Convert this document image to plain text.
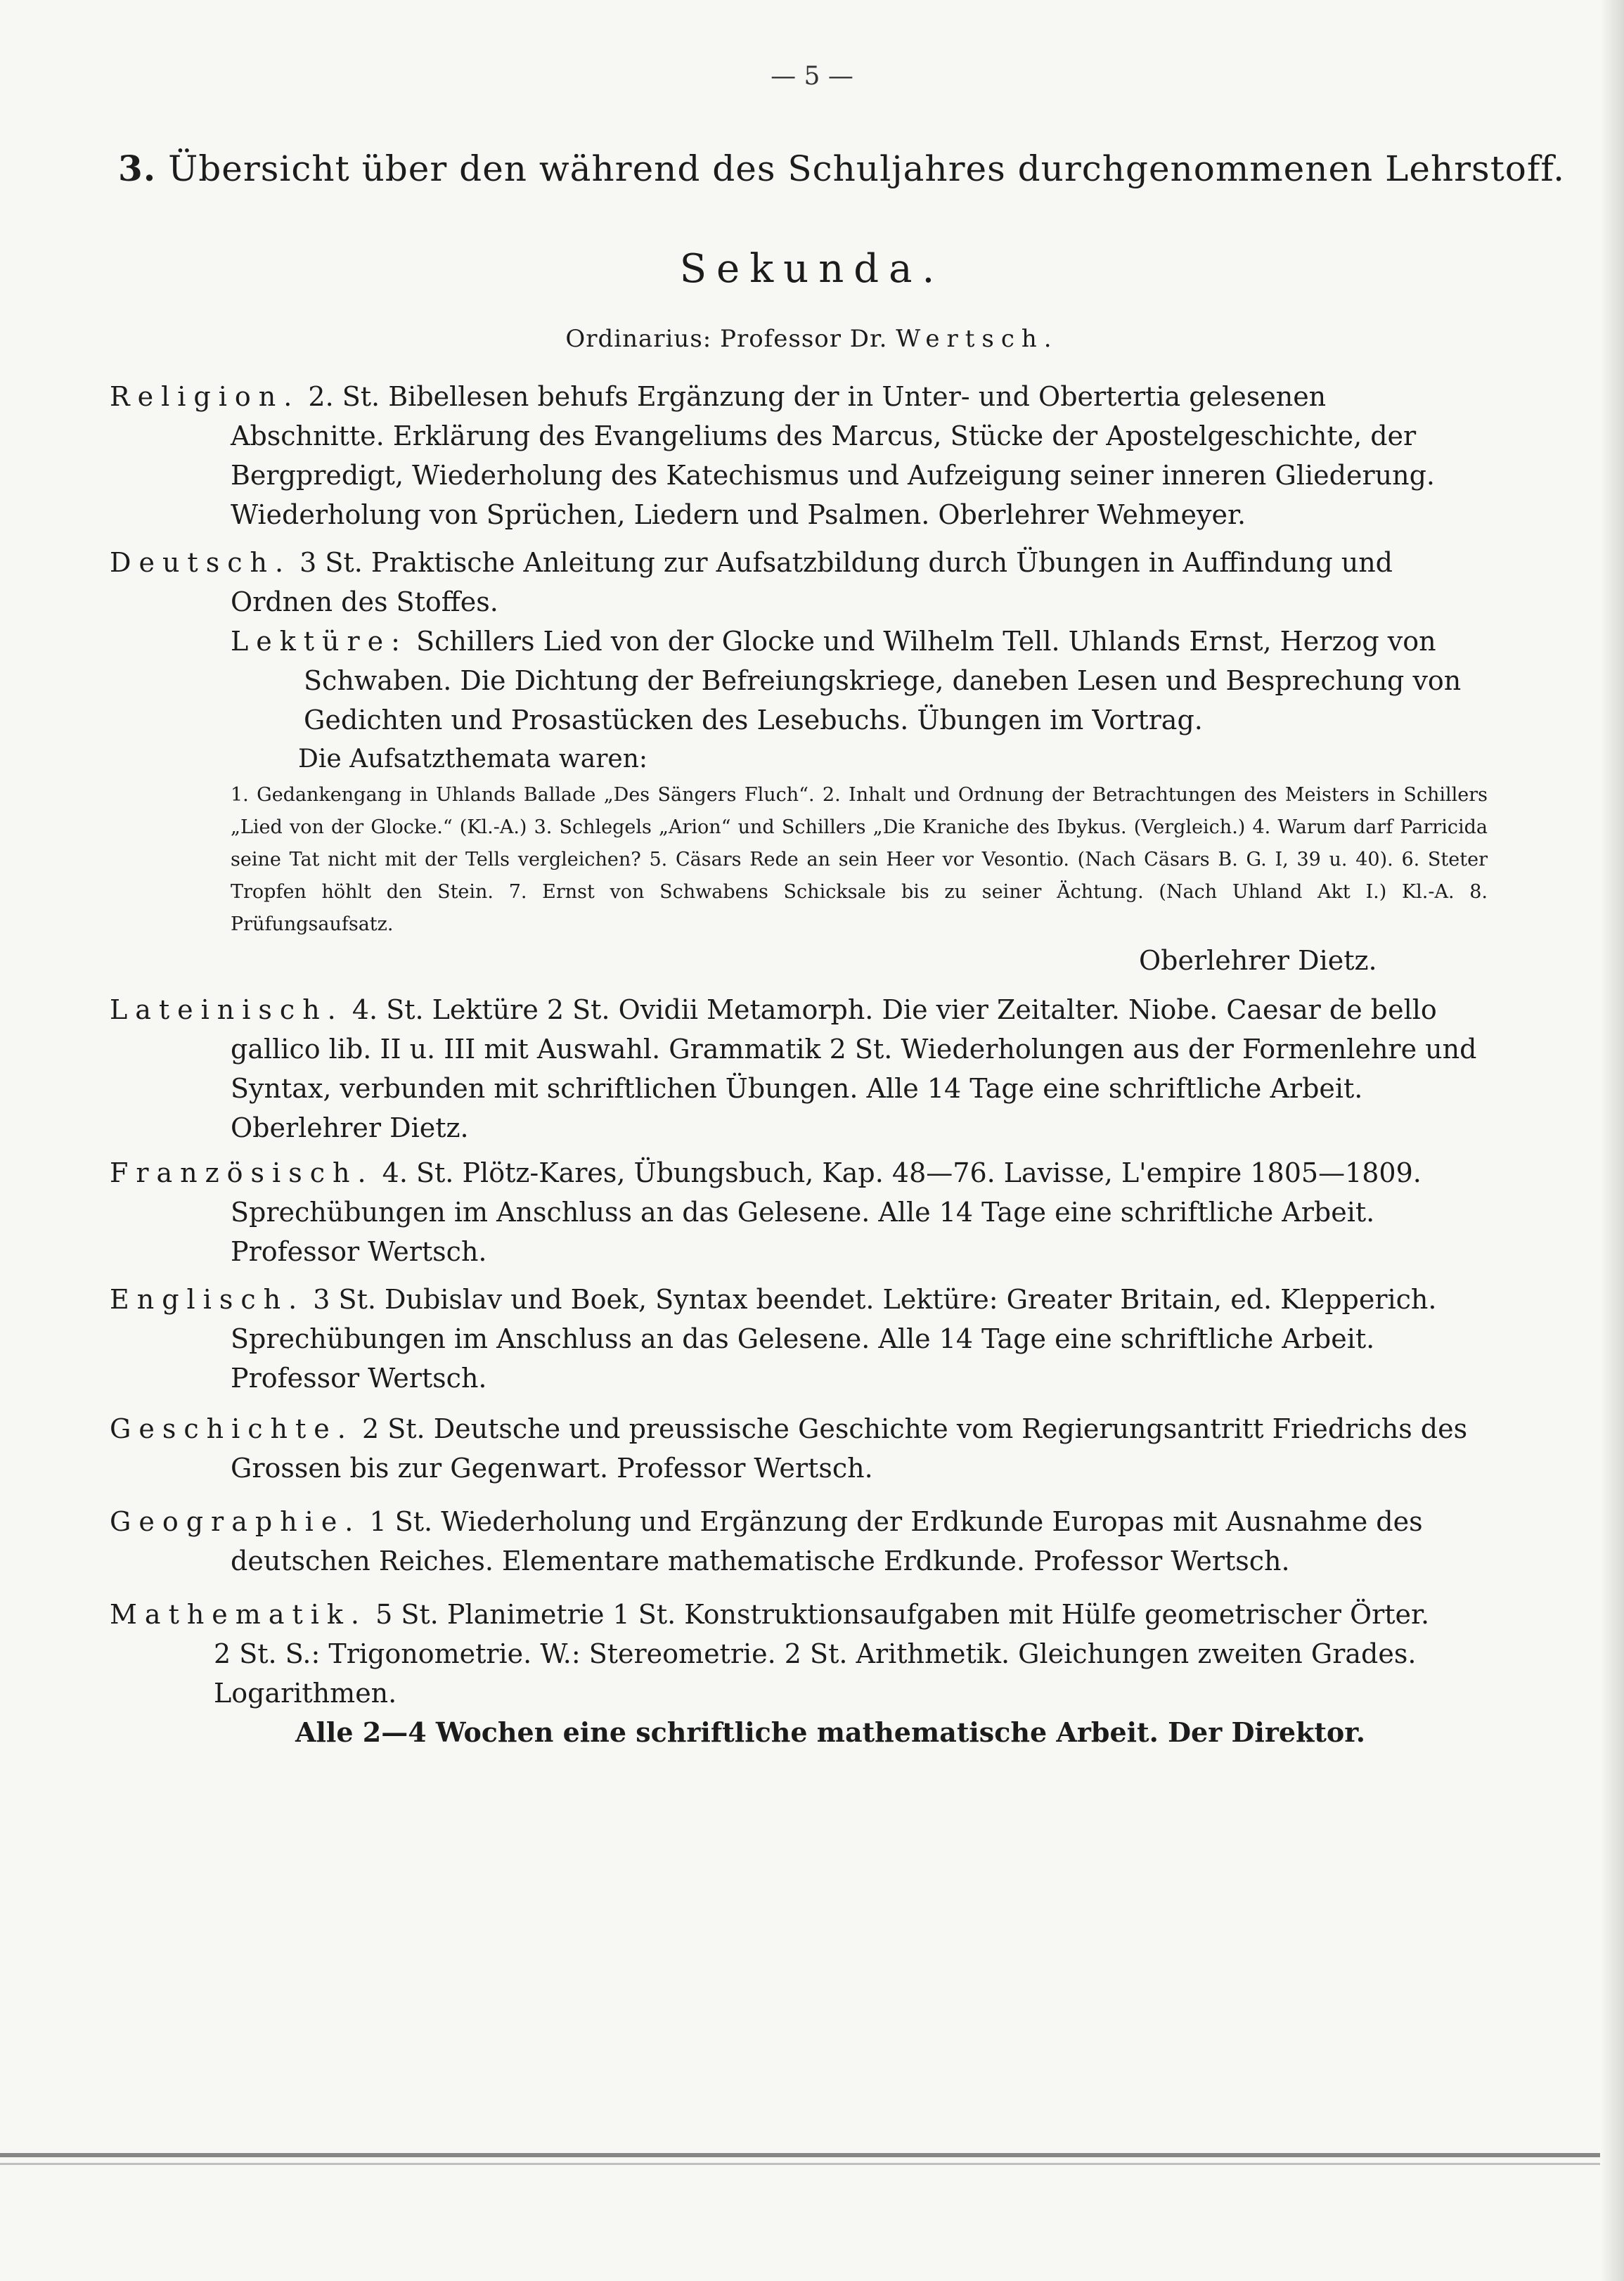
— 5 —
3. Übersicht über den während des Schuljahres durchgenommenen Lehrstoff.
Sekunda.
Ordinarius: Professor Dr. Wertsch.

Religion. 2. St. Bibellesen behufs Ergänzung der in Unter- und Obertertia gelesenen Abschnitte. Erklärung des Evangeliums des Marcus, Stücke der Apostelgeschichte, der Bergpredigt, Wiederholung des Katechismus und Aufzeigung seiner inneren Gliederung. Wiederholung von Sprüchen, Liedern und Psalmen. Oberlehrer Wehmeyer.

Deutsch. 3 St. Praktische Anleitung zur Aufsatzbildung durch Übungen in Auffindung und Ordnen des Stoffes.

Lektüre: Schillers Lied von der Glocke und Wilhelm Tell. Uhlands Ernst, Herzog von Schwaben. Die Dichtung der Befreiungskriege, daneben Lesen und Besprechung von Gedichten und Prosastücken des Lesebuchs. Übungen im Vortrag.

Die Aufsatzthemata waren:

1. Gedankengang in Uhlands Ballade „Des Sängers Fluch“. 2. Inhalt und Ordnung der Betrachtungen des Meisters in Schillers „Lied von der Glocke.“ (Kl.-A.) 3. Schlegels „Arion“ und Schillers „Die Kraniche des Ibykus. (Vergleich.) 4. Warum darf Parricida seine Tat nicht mit der Tells vergleichen? 5. Cäsars Rede an sein Heer vor Vesontio. (Nach Cäsars B. G. I, 39 u. 40). 6. Steter Tropfen höhlt den Stein. 7. Ernst von Schwabens Schicksale bis zu seiner Ächtung. (Nach Uhland Akt I.) Kl.-A. 8. Prüfungsaufsatz.

Oberlehrer Dietz.

Lateinisch. 4. St. Lektüre 2 St. Ovidii Metamorph. Die vier Zeitalter. Niobe. Caesar de bello gallico lib. II u. III mit Auswahl. Grammatik 2 St. Wiederholungen aus der Formenlehre und Syntax, verbunden mit schriftlichen Übungen. Alle 14 Tage eine schriftliche Arbeit. Oberlehrer Dietz.

Französisch. 4. St. Plötz-Kares, Übungsbuch, Kap. 48—76. Lavisse, L'empire 1805—1809. Sprechübungen im Anschluss an das Gelesene. Alle 14 Tage eine schriftliche Arbeit. Professor Wertsch.

Englisch. 3 St. Dubislav und Boek, Syntax beendet. Lektüre: Greater Britain, ed. Klepperich. Sprechübungen im Anschluss an das Gelesene. Alle 14 Tage eine schriftliche Arbeit. Professor Wertsch.

Geschichte. 2 St. Deutsche und preussische Geschichte vom Regierungsantritt Friedrichs des Grossen bis zur Gegenwart. Professor Wertsch.

Geographie. 1 St. Wiederholung und Ergänzung der Erdkunde Europas mit Ausnahme des deutschen Reiches. Elementare mathematische Erdkunde. Professor Wertsch.

Mathematik. 5 St. Planimetrie 1 St. Konstruktionsaufgaben mit Hülfe geometrischer Örter.

2 St. S.: Trigonometrie. W.: Stereometrie. 2 St. Arithmetik. Gleichungen zweiten Grades. Logarithmen.

Alle 2—4 Wochen eine schriftliche mathematische Arbeit. Der Direktor.
